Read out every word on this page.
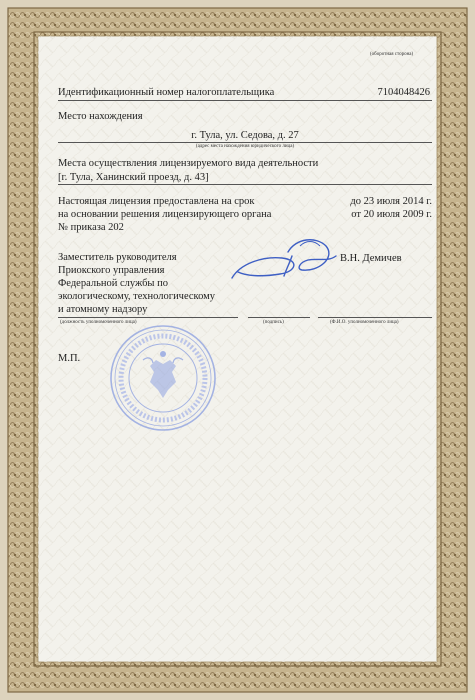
(оборотная сторона)
Идентификационный номер налогоплательщика	7104048426
Место нахождения
г. Тула, ул. Седова, д. 27
(адрес места нахождения юридического лица)
Места осуществления лицензируемого вида деятельности
[г. Тула, Ханинский проезд, д. 43]
Настоящая лицензия предоставлена на срок	до 23 июля 2014 г.
на основании решения лицензирующего органа	от 20 июля 2009 г.
№ приказа 202
Заместитель руководителя
Приокского управления
Федеральной службы по
экологическому, технологическому
и атомному надзору
В.Н. Демичев
(должность уполномоченного лица)	(подпись)	(Ф.И.О. уполномоченного лица)
М.П.
